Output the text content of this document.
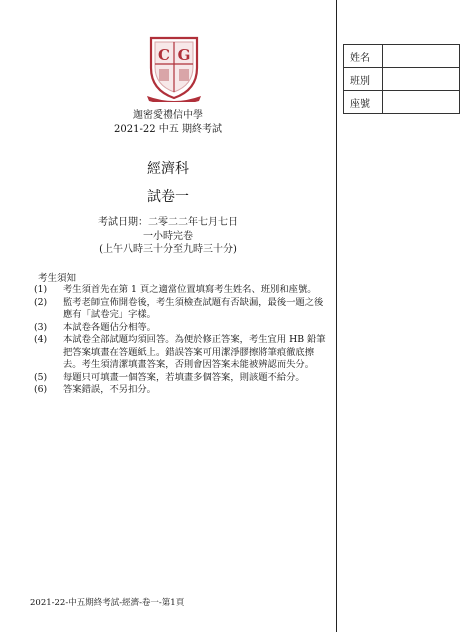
姓名	
班別	
座號	
C G
迦密愛禮信中學
2021-22 中五 期終考試
經濟科
試卷一
考試日期：二零二二年七月七日
一小時完卷
(上午八時三十分至九時三十分)
考生須知
(1)	考生須首先在第 1 頁之適當位置填寫考生姓名、班別和座號。
(2)	監考老師宣佈開卷後，考生須檢查試題有否缺漏，最後一題之後應有「試卷完」字樣。
(3)	本試卷各題佔分相等。
(4)	本試卷全部試題均須回答。為便於修正答案，考生宜用 HB 鉛筆把答案填畫在答題紙上。錯誤答案可用潔淨膠擦將筆痕徹底擦去。考生須清潔填畫答案，否則會因答案未能被辨認而失分。
(5)	每題只可填畫一個答案，若填畫多個答案，則該題不給分。
(6)	答案錯誤，不另扣分。
2021-22-中五期終考試-經濟-卷一-第1頁
